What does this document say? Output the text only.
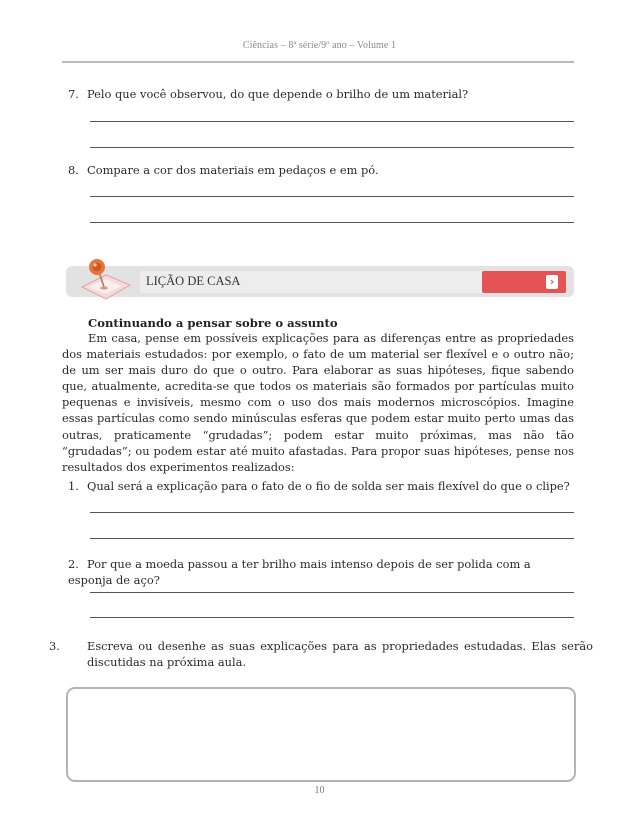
Ciências – 8ª série/9º ano – Volume 1
7. Pelo que você observou, do que depende o brilho de um material?
8. Compare a cor dos materiais em pedaços e em pó.
LIÇÃO DE CASA	›
Continuando a pensar sobre o assunto
Em casa, pense em possíveis explicações para as diferenças entre as propriedades dos materiais estudados: por exemplo, o fato de um material ser flexível e o outro não; de um ser mais duro do que o outro. Para elaborar as suas hipóteses, fique sabendo que, atualmente, acredita-se que todos os materiais são formados por partículas muito pequenas e invisíveis, mesmo com o uso dos mais modernos microscópios. Imagine essas partículas como sendo minúsculas esferas que podem estar muito perto umas das outras, praticamente “grudadas”; podem estar muito próximas, mas não tão “grudadas”; ou podem estar até muito afastadas. Para propor suas hipóteses, pense nos resultados dos experimentos realizados:
1. Qual será a explicação para o fato de o fio de solda ser mais flexível do que o clipe?
2. Por que a moeda passou a ter brilho mais intenso depois de ser polida com a esponja de aço?
3. Escreva ou desenhe as suas explicações para as propriedades estudadas. Elas serão discutidas na próxima aula.
10
